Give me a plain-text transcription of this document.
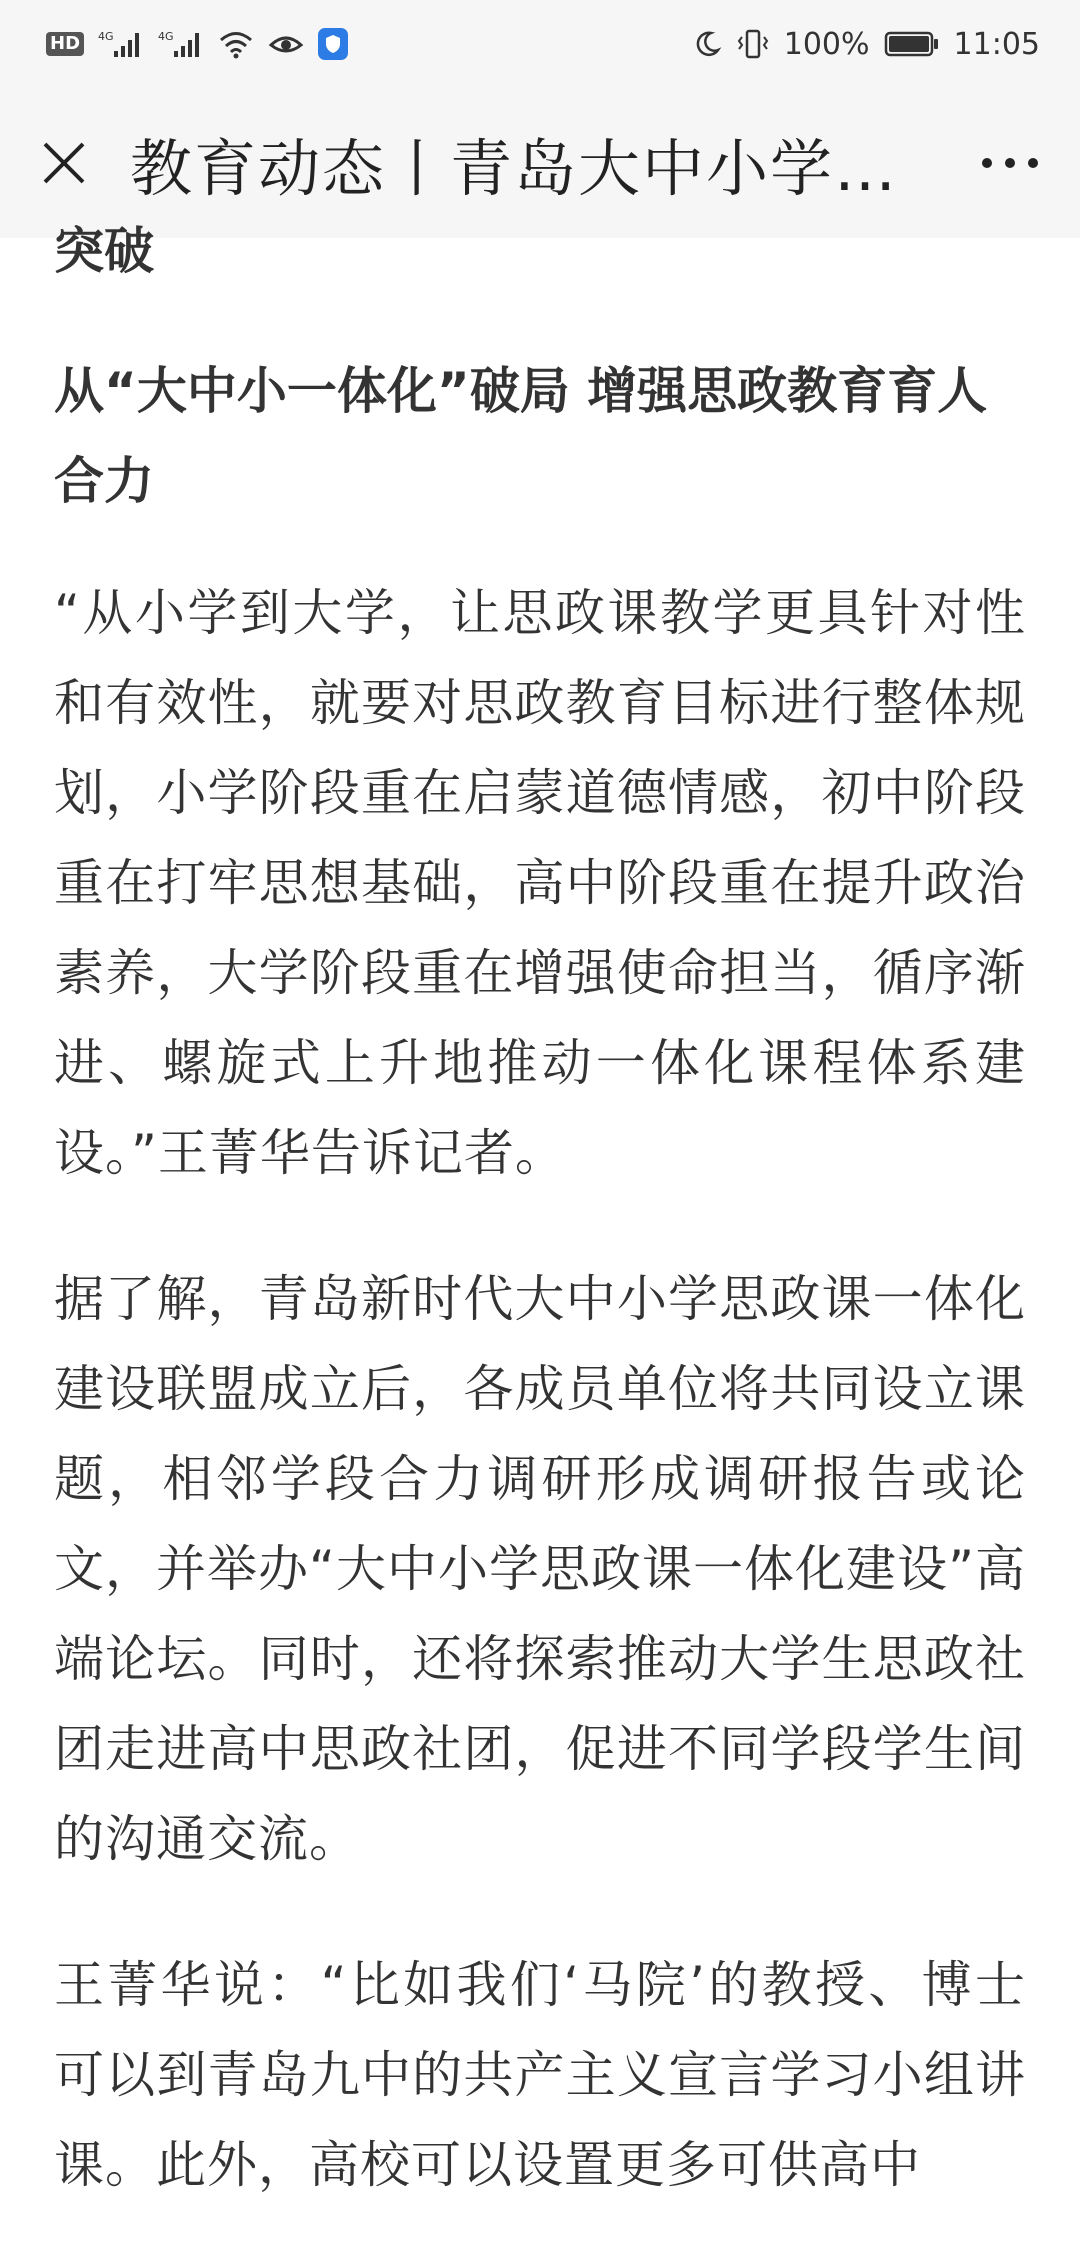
HD	4G	4G	100%	11:05
教育动态丨青岛大中小学…
突破
从“大中小一体化”破局 增强思政教育育人合力

“从小学到大学，让思政课教学更具针对性和有效性，就要对思政教育目标进行整体规划，小学阶段重在启蒙道德情感，初中阶段重在打牢思想基础，高中阶段重在提升政治素养，大学阶段重在增强使命担当，循序渐进、螺旋式上升地推动一体化课程体系建设。”王菁华告诉记者。

据了解，青岛新时代大中小学思政课一体化建设联盟成立后，各成员单位将共同设立课题，相邻学段合力调研形成调研报告或论文，并举办“大中小学思政课一体化建设”高端论坛。同时，还将探索推动大学生思政社团走进高中思政社团，促进不同学段学生间的沟通交流。

王菁华说：“比如我们‘马院’的教授、博士可以到青岛九中的共产主义宣言学习小组讲课。此外，高校可以设置更多可供高中
